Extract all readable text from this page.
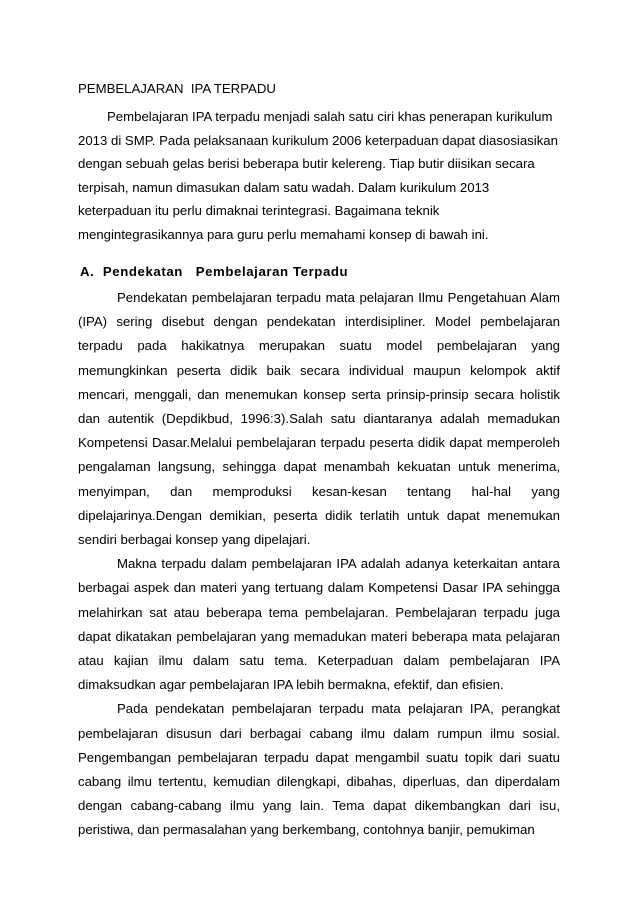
PEMBELAJARAN  IPA TERPADU

Pembelajaran IPA terpadu menjadi salah satu ciri khas penerapan kurikulum 2013 di SMP. Pada pelaksanaan kurikulum 2006 keterpaduan dapat diasosiasikan dengan sebuah gelas berisi beberapa butir kelereng. Tiap butir diisikan secara terpisah, namun dimasukan dalam satu wadah. Dalam kurikulum 2013 keterpaduan itu perlu dimaknai terintegrasi. Bagaimana teknik mengintegrasikannya para guru perlu memahami konsep di bawah ini.

A.  Pendekatan   Pembelajaran Terpadu

Pendekatan pembelajaran terpadu mata pelajaran Ilmu Pengetahuan Alam (IPA) sering disebut dengan pendekatan interdisipliner. Model pembelajaran terpadu pada hakikatnya merupakan suatu model pembelajaran yang memungkinkan peserta didik baik secara individual maupun kelompok aktif mencari, menggali, dan menemukan konsep serta prinsip-prinsip secara holistik dan autentik (Depdikbud, 1996:3).Salah satu diantaranya adalah memadukan Kompetensi Dasar.Melalui pembelajaran terpadu peserta didik dapat memperoleh pengalaman langsung, sehingga dapat menambah kekuatan untuk menerima, menyimpan, dan memproduksi kesan-kesan tentang hal-hal yang dipelajarinya.Dengan demikian, peserta didik terlatih untuk dapat menemukan sendiri berbagai konsep yang dipelajari.

Makna terpadu dalam pembelajaran IPA adalah adanya keterkaitan antara berbagai aspek dan materi yang tertuang dalam Kompetensi Dasar IPA sehingga melahirkan sat atau beberapa tema pembelajaran. Pembelajaran terpadu juga dapat dikatakan pembelajaran yang memadukan materi beberapa mata pelajaran atau kajian ilmu dalam satu tema. Keterpaduan dalam pembelajaran IPA dimaksudkan agar pembelajaran IPA lebih bermakna, efektif, dan efisien.

Pada pendekatan pembelajaran terpadu mata pelajaran IPA, perangkat pembelajaran disusun dari berbagai cabang ilmu dalam rumpun ilmu sosial. Pengembangan pembelajaran terpadu dapat mengambil suatu topik dari suatu cabang ilmu tertentu, kemudian dilengkapi, dibahas, diperluas, dan diperdalam dengan cabang-cabang ilmu yang lain. Tema dapat dikembangkan dari isu, peristiwa, dan permasalahan yang berkembang, contohnya banjir, pemukiman
